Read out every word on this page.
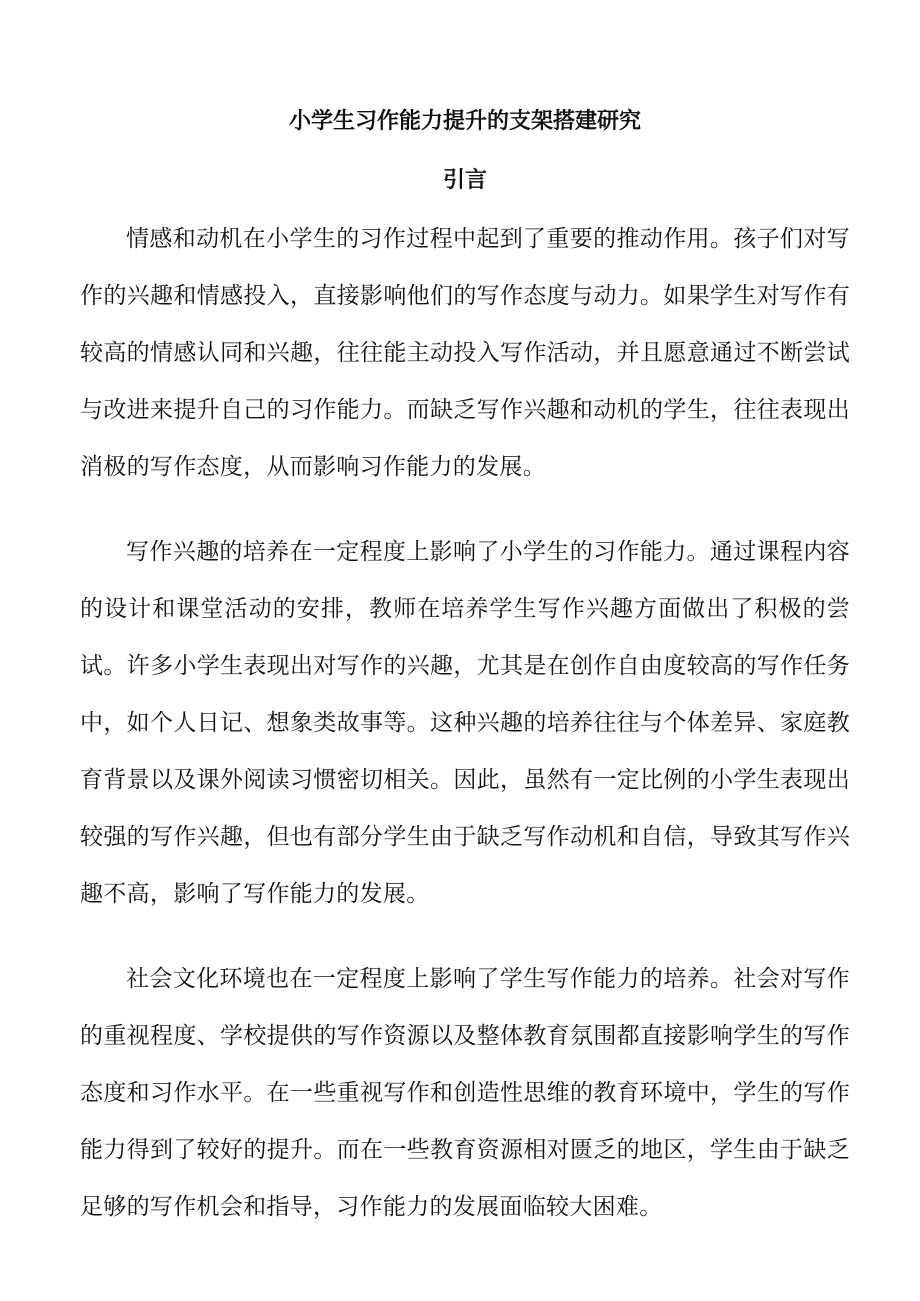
小学生习作能力提升的支架搭建研究
引言

情感和动机在小学生的习作过程中起到了重要的推动作用。孩子们对写作的兴趣和情感投入，直接影响他们的写作态度与动力。如果学生对写作有较高的情感认同和兴趣，往往能主动投入写作活动，并且愿意通过不断尝试与改进来提升自己的习作能力。而缺乏写作兴趣和动机的学生，往往表现出消极的写作态度，从而影响习作能力的发展。

写作兴趣的培养在一定程度上影响了小学生的习作能力。通过课程内容的设计和课堂活动的安排，教师在培养学生写作兴趣方面做出了积极的尝试。许多小学生表现出对写作的兴趣，尤其是在创作自由度较高的写作任务中，如个人日记、想象类故事等。这种兴趣的培养往往与个体差异、家庭教育背景以及课外阅读习惯密切相关。因此，虽然有一定比例的小学生表现出较强的写作兴趣，但也有部分学生由于缺乏写作动机和自信，导致其写作兴趣不高，影响了写作能力的发展。

社会文化环境也在一定程度上影响了学生写作能力的培养。社会对写作的重视程度、学校提供的写作资源以及整体教育氛围都直接影响学生的写作态度和习作水平。在一些重视写作和创造性思维的教育环境中，学生的写作能力得到了较好的提升。而在一些教育资源相对匮乏的地区，学生由于缺乏足够的写作机会和指导，习作能力的发展面临较大困难。
